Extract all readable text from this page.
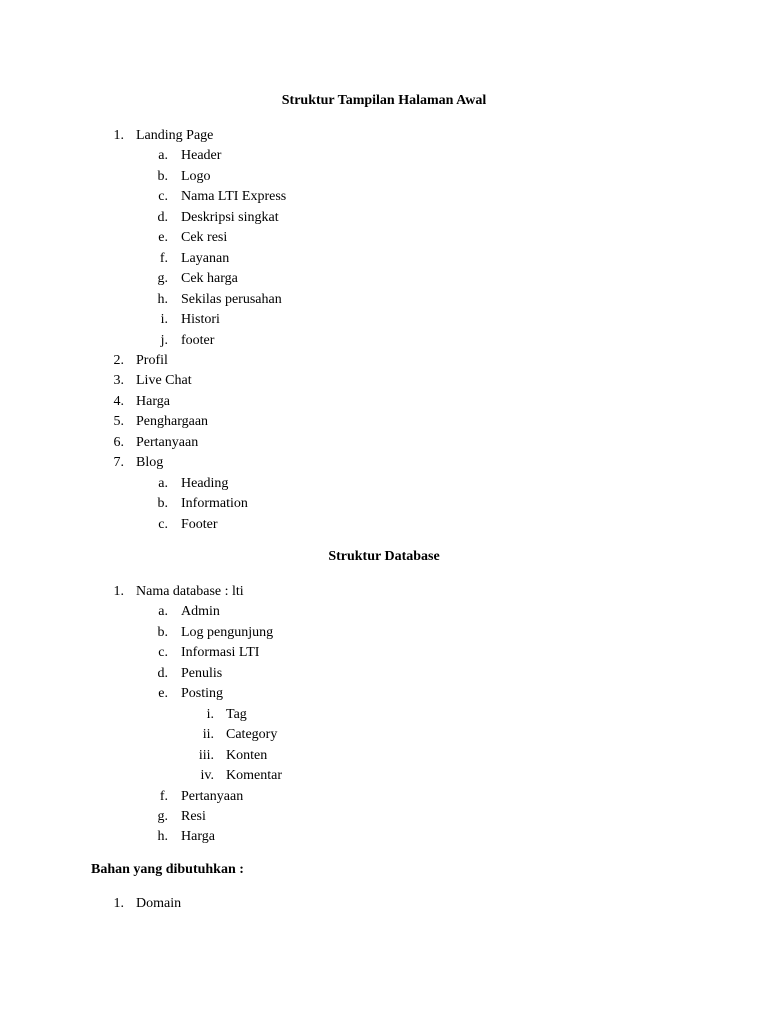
Struktur Tampilan Halaman Awal
1. Landing Page
a. Header
b. Logo
c. Nama LTI Express
d. Deskripsi singkat
e. Cek resi
f. Layanan
g. Cek harga
h. Sekilas perusahan
i. Histori
j. footer
2. Profil
3. Live Chat
4. Harga
5. Penghargaan
6. Pertanyaan
7. Blog
a. Heading
b. Information
c. Footer
Struktur Database
1. Nama database : lti
a. Admin
b. Log pengunjung
c. Informasi LTI
d. Penulis
e. Posting
i. Tag
ii. Category
iii. Konten
iv. Komentar
f. Pertanyaan
g. Resi
h. Harga
Bahan yang dibutuhkan :
1. Domain
